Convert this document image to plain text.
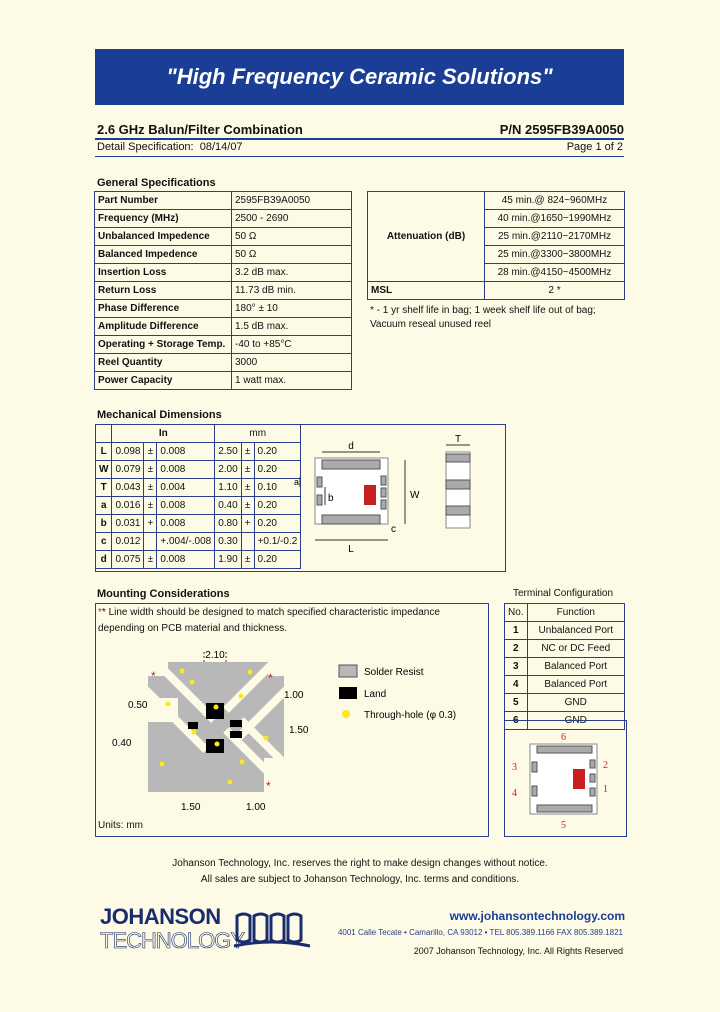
"High Frequency Ceramic Solutions"
2.6 GHz Balun/Filter Combination	P/N 2595FB39A0050
Detail Specification: 08/14/07	Page 1 of 2
General Specifications
Part Number	2595FB39A0050
Frequency (MHz)	2500 - 2690
Unbalanced Impedence	50 Ω
Balanced Impedence	50 Ω
Insertion Loss	3.2 dB max.
Return Loss	11.73 dB min.
Phase Difference	180° ± 10
Amplitude Difference	1.5 dB max.
Operating + Storage Temp.	-40 to +85°C
Reel Quantity	3000
Power Capacity	1 watt max.
Attenuation (dB)	45 min.@ 824~960MHz
	40 min.@1650~1990MHz
	25 min.@2110~2170MHz
	25 min.@3300~3800MHz
	28 min.@4150~4500MHz
MSL	2 *
* - 1 yr shelf life in bag; 1 week shelf life out of bag;
Vacuum reseal unused reel
Mechanical Dimensions
	In			mm		
L	0.098	±	0.008	2.50	±	0.20
W	0.079	±	0.008	2.00	±	0.20
T	0.043	±	0.004	1.10	±	0.10
a	0.016	±	0.008	0.40	±	0.20
b	0.031	+	0.008	0.80	+	0.20
c	0.012		+.004/-.008	0.30		+0.1/-0.2
d	0.075	±	0.008	1.90	±	0.20
d
a
b	W
c
L
T
Mounting Considerations
** Line width should be designed to match specified characteristic impedance
depending on PCB material and thickness.
*	*
*
2.10
1.00
0.50
0.40
1.50
1.50	1.00
Solder Resist
Land
Through-hole (φ 0.3)
Units: mm
Terminal Configuration
No.	Function
1	Unbalanced Port
2	NC or DC Feed
3	Balanced Port
4	Balanced Port
5	GND
6	GND
6
3
4
2
1
5
Johanson Technology, Inc. reserves the right to make design changes without notice.
All sales are subject to Johanson Technology, Inc. terms and conditions.
JOHANSON
TECHNOLOGY
www.johansontechnology.com
4001 Calle Tecate • Camarillo, CA 93012 • TEL 805.389.1166 FAX 805.389.1821
2007 Johanson Technology, Inc. All Rights Reserved
